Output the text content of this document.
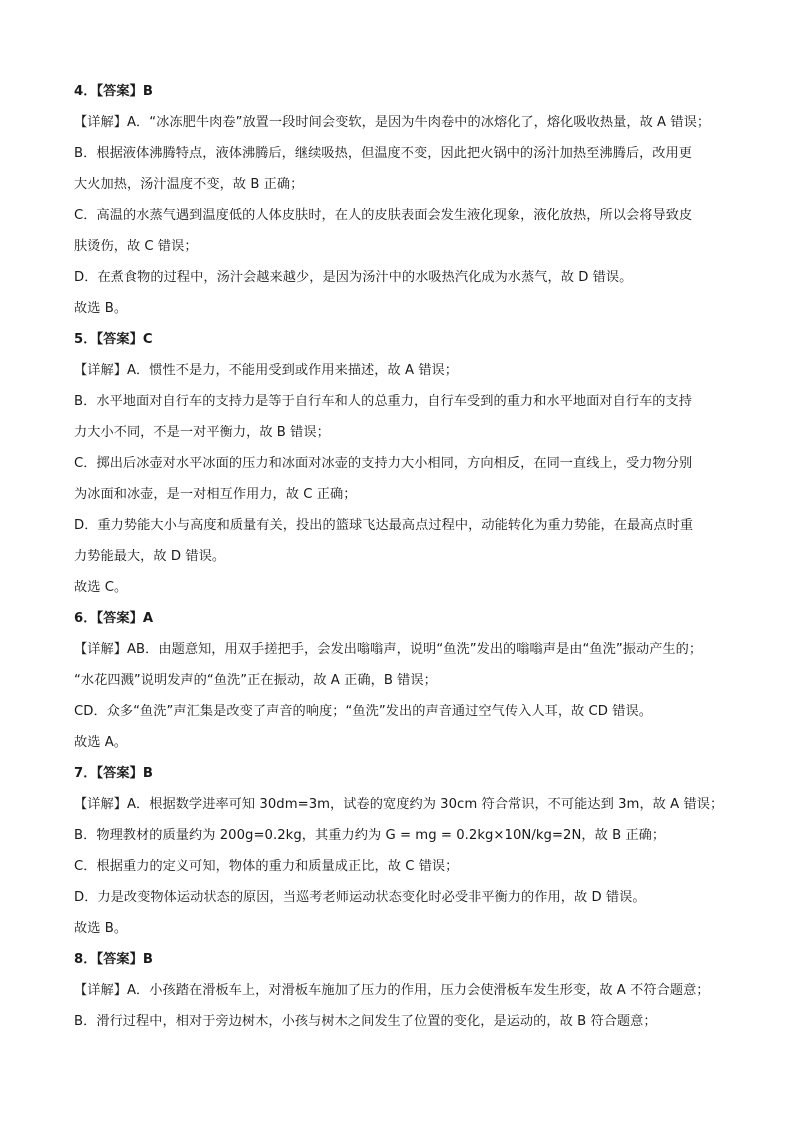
4．【答案】B
【详解】A．“冰冻肥牛肉卷”放置一段时间会变软，是因为牛肉卷中的冰熔化了，熔化吸收热量，故 A 错误；
B．根据液体沸腾特点，液体沸腾后，继续吸热，但温度不变，因此把火锅中的汤汁加热至沸腾后，改用更
大火加热，汤汁温度不变，故 B 正确；
C．高温的水蒸气遇到温度低的人体皮肤时，在人的皮肤表面会发生液化现象，液化放热，所以会将导致皮
肤烫伤，故 C 错误；
D．在煮食物的过程中，汤汁会越来越少，是因为汤汁中的水吸热汽化成为水蒸气，故 D 错误。
故选 B。
5．【答案】C
【详解】A．惯性不是力，不能用受到或作用来描述，故 A 错误；
B．水平地面对自行车的支持力是等于自行车和人的总重力，自行车受到的重力和水平地面对自行车的支持
力大小不同，不是一对平衡力，故 B 错误；
C．掷出后冰壶对水平冰面的压力和冰面对冰壶的支持力大小相同，方向相反，在同一直线上，受力物分别
为冰面和冰壶，是一对相互作用力，故 C 正确；
D．重力势能大小与高度和质量有关，投出的篮球飞达最高点过程中，动能转化为重力势能，在最高点时重
力势能最大，故 D 错误。
故选 C。
6．【答案】A
【详解】AB．由题意知，用双手搓把手，会发出嗡嗡声，说明“鱼洗”发出的嗡嗡声是由“鱼洗”振动产生的；
“水花四溅”说明发声的“鱼洗”正在振动，故 A 正确，B 错误；
CD．众多“鱼洗”声汇集是改变了声音的响度；“鱼洗”发出的声音通过空气传入人耳，故 CD 错误。
故选 A。
7．【答案】B
【详解】A．根据数学进率可知 30dm=3m，试卷的宽度约为 30cm 符合常识，不可能达到 3m，故 A 错误；
B．物理教材的质量约为 200g=0.2kg，其重力约为 G = mg = 0.2kg×10N/kg=2N，故 B 正确；
C．根据重力的定义可知，物体的重力和质量成正比，故 C 错误；
D．力是改变物体运动状态的原因，当巡考老师运动状态变化时必受非平衡力的作用，故 D 错误。
故选 B。
8．【答案】B
【详解】A．小孩踏在滑板车上，对滑板车施加了压力的作用，压力会使滑板车发生形变，故 A 不符合题意；
B．滑行过程中，相对于旁边树木，小孩与树木之间发生了位置的变化，是运动的，故 B 符合题意；
